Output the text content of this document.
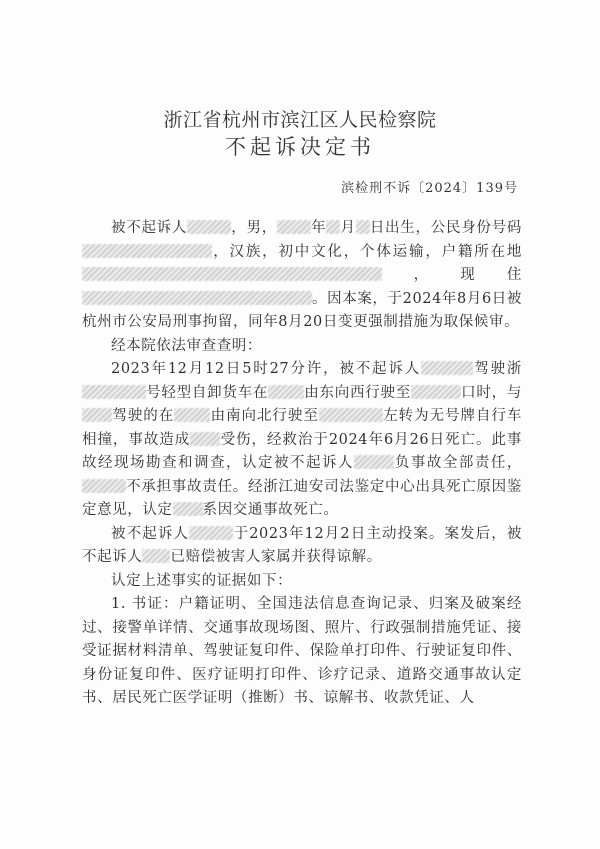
浙江省杭州市滨江区人民检察院
不起诉决定书
滨检刑不诉〔2024〕139号

被不起诉人	，男， 年 月 日出生，公民身份号码，汉族，初中文化，个体运输，户籍所在地，现住。因本案，于2024年8月6日被杭州市公安局刑事拘留，同年8月20日变更强制措施为取保候审。

经本院依法审查查明：

2023年12月12日5时27分许，被不起诉人	驾驶浙号轻型自卸货车在 由东向西行驶至	口时，与驾驶的在 由南向北行驶至	左转为无号牌自行车相撞，事故造成 受伤，经救治于2024年6月26日死亡。此事故经现场勘查和调查，认定被不起诉人	负事故全部责任，不承担事故责任。经浙江迪安司法鉴定中心出具死亡原因鉴定意见，认定 系因交通事故死亡。

被不起诉人	于2023年12月2日主动投案。案发后，被不起诉人 已赔偿被害人家属并获得谅解。

认定上述事实的证据如下：

1. 书证：户籍证明、全国违法信息查询记录、归案及破案经过、接警单详情、交通事故现场图、照片、行政强制措施凭证、接受证据材料清单、驾驶证复印件、保险单打印件、行驶证复印件、身份证复印件、医疗证明打印件、诊疗记录、道路交通事故认定书、居民死亡医学证明（推断）书、谅解书、收款凭证、人
